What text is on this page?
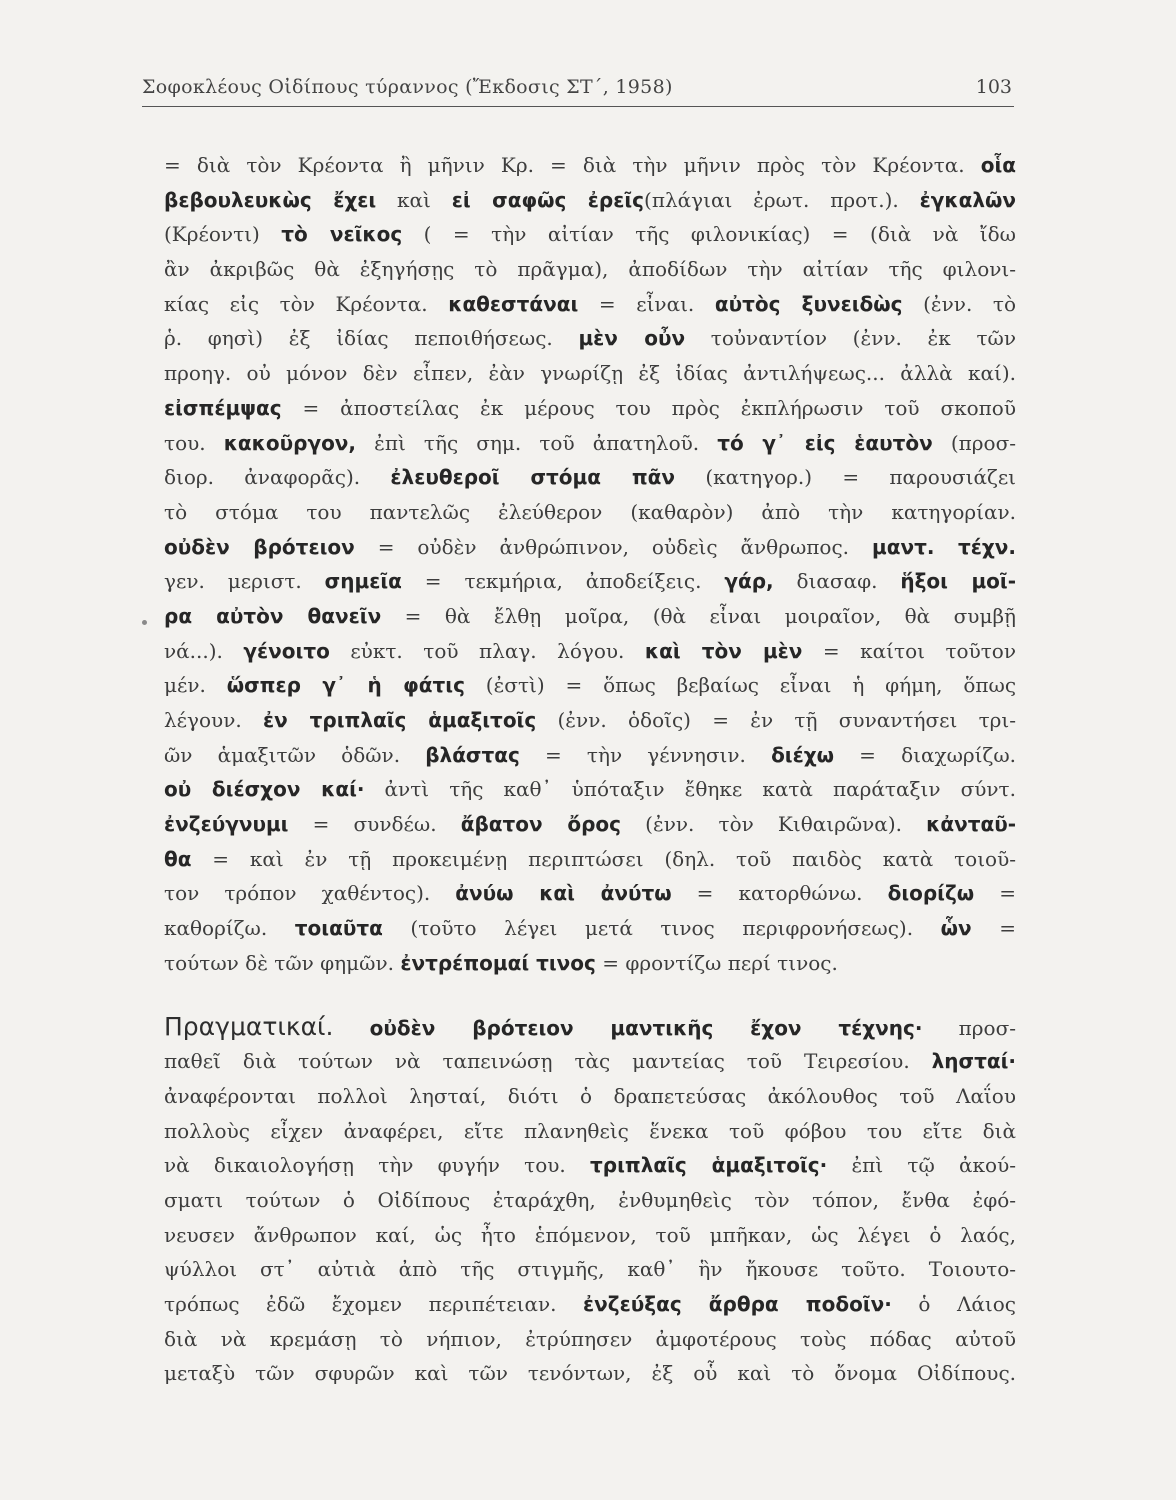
Σοφοκλέους Οἰδίπους τύραννος (Ἔκδοσις ΣΤ΄, 1958)	103
= διὰ τὸν Κρέοντα ἢ μῆνιν Κρ. = διὰ τὴν μῆνιν πρὸς τὸν Κρέοντα. οἷα
βεβουλευκὼς ἔχει καὶ εἰ σαφῶς ἐρεῖς(πλάγιαι ἐρωτ. προτ.). ἐγκαλῶν
(Κρέοντι) τὸ νεῖκος ( = τὴν αἰτίαν τῆς φιλονικίας) = (διὰ νὰ ἴδω
ἂν ἀκριβῶς θὰ ἐξηγήσῃς τὸ πρᾶγμα), ἀποδίδων τὴν αἰτίαν τῆς φιλονι-
κίας εἰς τὸν Κρέοντα. καθεστάναι = εἶναι. αὐτὸς ξυνειδὼς (ἐνν. τὸ
ῥ. φησὶ) ἐξ ἰδίας πεποιθήσεως. μὲν οὖν τοὐναντίον (ἐνν. ἐκ τῶν
προηγ. οὐ μόνον δὲν εἶπεν, ἐὰν γνωρίζῃ ἐξ ἰδίας ἀντιλήψεως... ἀλλὰ καί).
εἰσπέμψας = ἀποστείλας ἐκ μέρους του πρὸς ἐκπλήρωσιν τοῦ σκοποῦ
του. κακοῦργον, ἐπὶ τῆς σημ. τοῦ ἀπατηλοῦ. τό γ᾽ εἰς ἑαυτὸν (προσ-
διορ. ἀναφορᾶς). ἐλευθεροῖ στόμα πᾶν (κατηγορ.) = παρουσιάζει
τὸ στόμα του παντελῶς ἐλεύθερον (καθαρὸν) ἀπὸ τὴν κατηγορίαν.
οὐδὲν βρότειον = οὐδὲν ἀνθρώπινον, οὐδεὶς ἄνθρωπος. μαντ. τέχν.
γεν. μεριστ. σημεῖα = τεκμήρια, ἀποδείξεις. γάρ, διασαφ. ἥξοι μοῖ-
ρα αὐτὸν θανεῖν = θὰ ἔλθῃ μοῖρα, (θὰ εἶναι μοιραῖον, θὰ συμβῇ
νά...). γένοιτο εὐκτ. τοῦ πλαγ. λόγου. καὶ τὸν μὲν = καίτοι τοῦτον
μέν. ὥσπερ γ᾽ ἡ φάτις (ἐστὶ) = ὅπως βεβαίως εἶναι ἡ φήμη, ὅπως
λέγουν. ἐν τριπλαῖς ἁμαξιτοῖς (ἐνν. ὁδοῖς) = ἐν τῇ συναντήσει τρι-
ῶν ἁμαξιτῶν ὁδῶν. βλάστας = τὴν γέννησιν. διέχω = διαχωρίζω.
οὐ διέσχον καί· ἀντὶ τῆς καθ᾽ ὑπόταξιν ἔθηκε κατὰ παράταξιν σύντ.
ἐνζεύγνυμι = συνδέω. ἄβατον ὄρος (ἐνν. τὸν Κιθαιρῶνα). κἀνταῦ-
θα = καὶ ἐν τῇ προκειμένῃ περιπτώσει (δηλ. τοῦ παιδὸς κατὰ τοιοῦ-
τον τρόπον χαθέντος). ἀνύω καὶ ἀνύτω = κατορθώνω. διορίζω =
καθορίζω. τοιαῦτα (τοῦτο λέγει μετά τινος περιφρονήσεως). ὧν =
τούτων δὲ τῶν φημῶν. ἐντρέπομαί τινος = φροντίζω περί τινος.
Πραγματικαί. οὐδὲν βρότειον μαντικῆς ἔχον τέχνης· προσ-
παθεῖ διὰ τούτων νὰ ταπεινώσῃ τὰς μαντείας τοῦ Τειρεσίου. λησταί·
ἀναφέρονται πολλοὶ λησταί, διότι ὁ δραπετεύσας ἀκόλουθος τοῦ Λαΐου
πολλοὺς εἶχεν ἀναφέρει, εἴτε πλανηθεὶς ἕνεκα τοῦ φόβου του εἴτε διὰ
νὰ δικαιολογήσῃ τὴν φυγήν του. τριπλαῖς ἁμαξιτοῖς· ἐπὶ τῷ ἀκού-
σματι τούτων ὁ Οἰδίπους ἐταράχθη, ἐνθυμηθεὶς τὸν τόπον, ἔνθα ἐφό-
νευσεν ἄνθρωπον καί, ὡς ἦτο ἑπόμενον, τοῦ μπῆκαν, ὡς λέγει ὁ λαός,
ψύλλοι στ᾽ αὐτιὰ ἀπὸ τῆς στιγμῆς, καθ᾽ ἣν ἤκουσε τοῦτο. Τοιουτο-
τρόπως ἐδῶ ἔχομεν περιπέτειαν. ἐνζεύξας ἄρθρα ποδοῖν· ὁ Λάιος
διὰ νὰ κρεμάσῃ τὸ νήπιον, ἐτρύπησεν ἀμφοτέρους τοὺς πόδας αὐτοῦ
μεταξὺ τῶν σφυρῶν καὶ τῶν τενόντων, ἐξ οὗ καὶ τὸ ὄνομα Οἰδίπους.
